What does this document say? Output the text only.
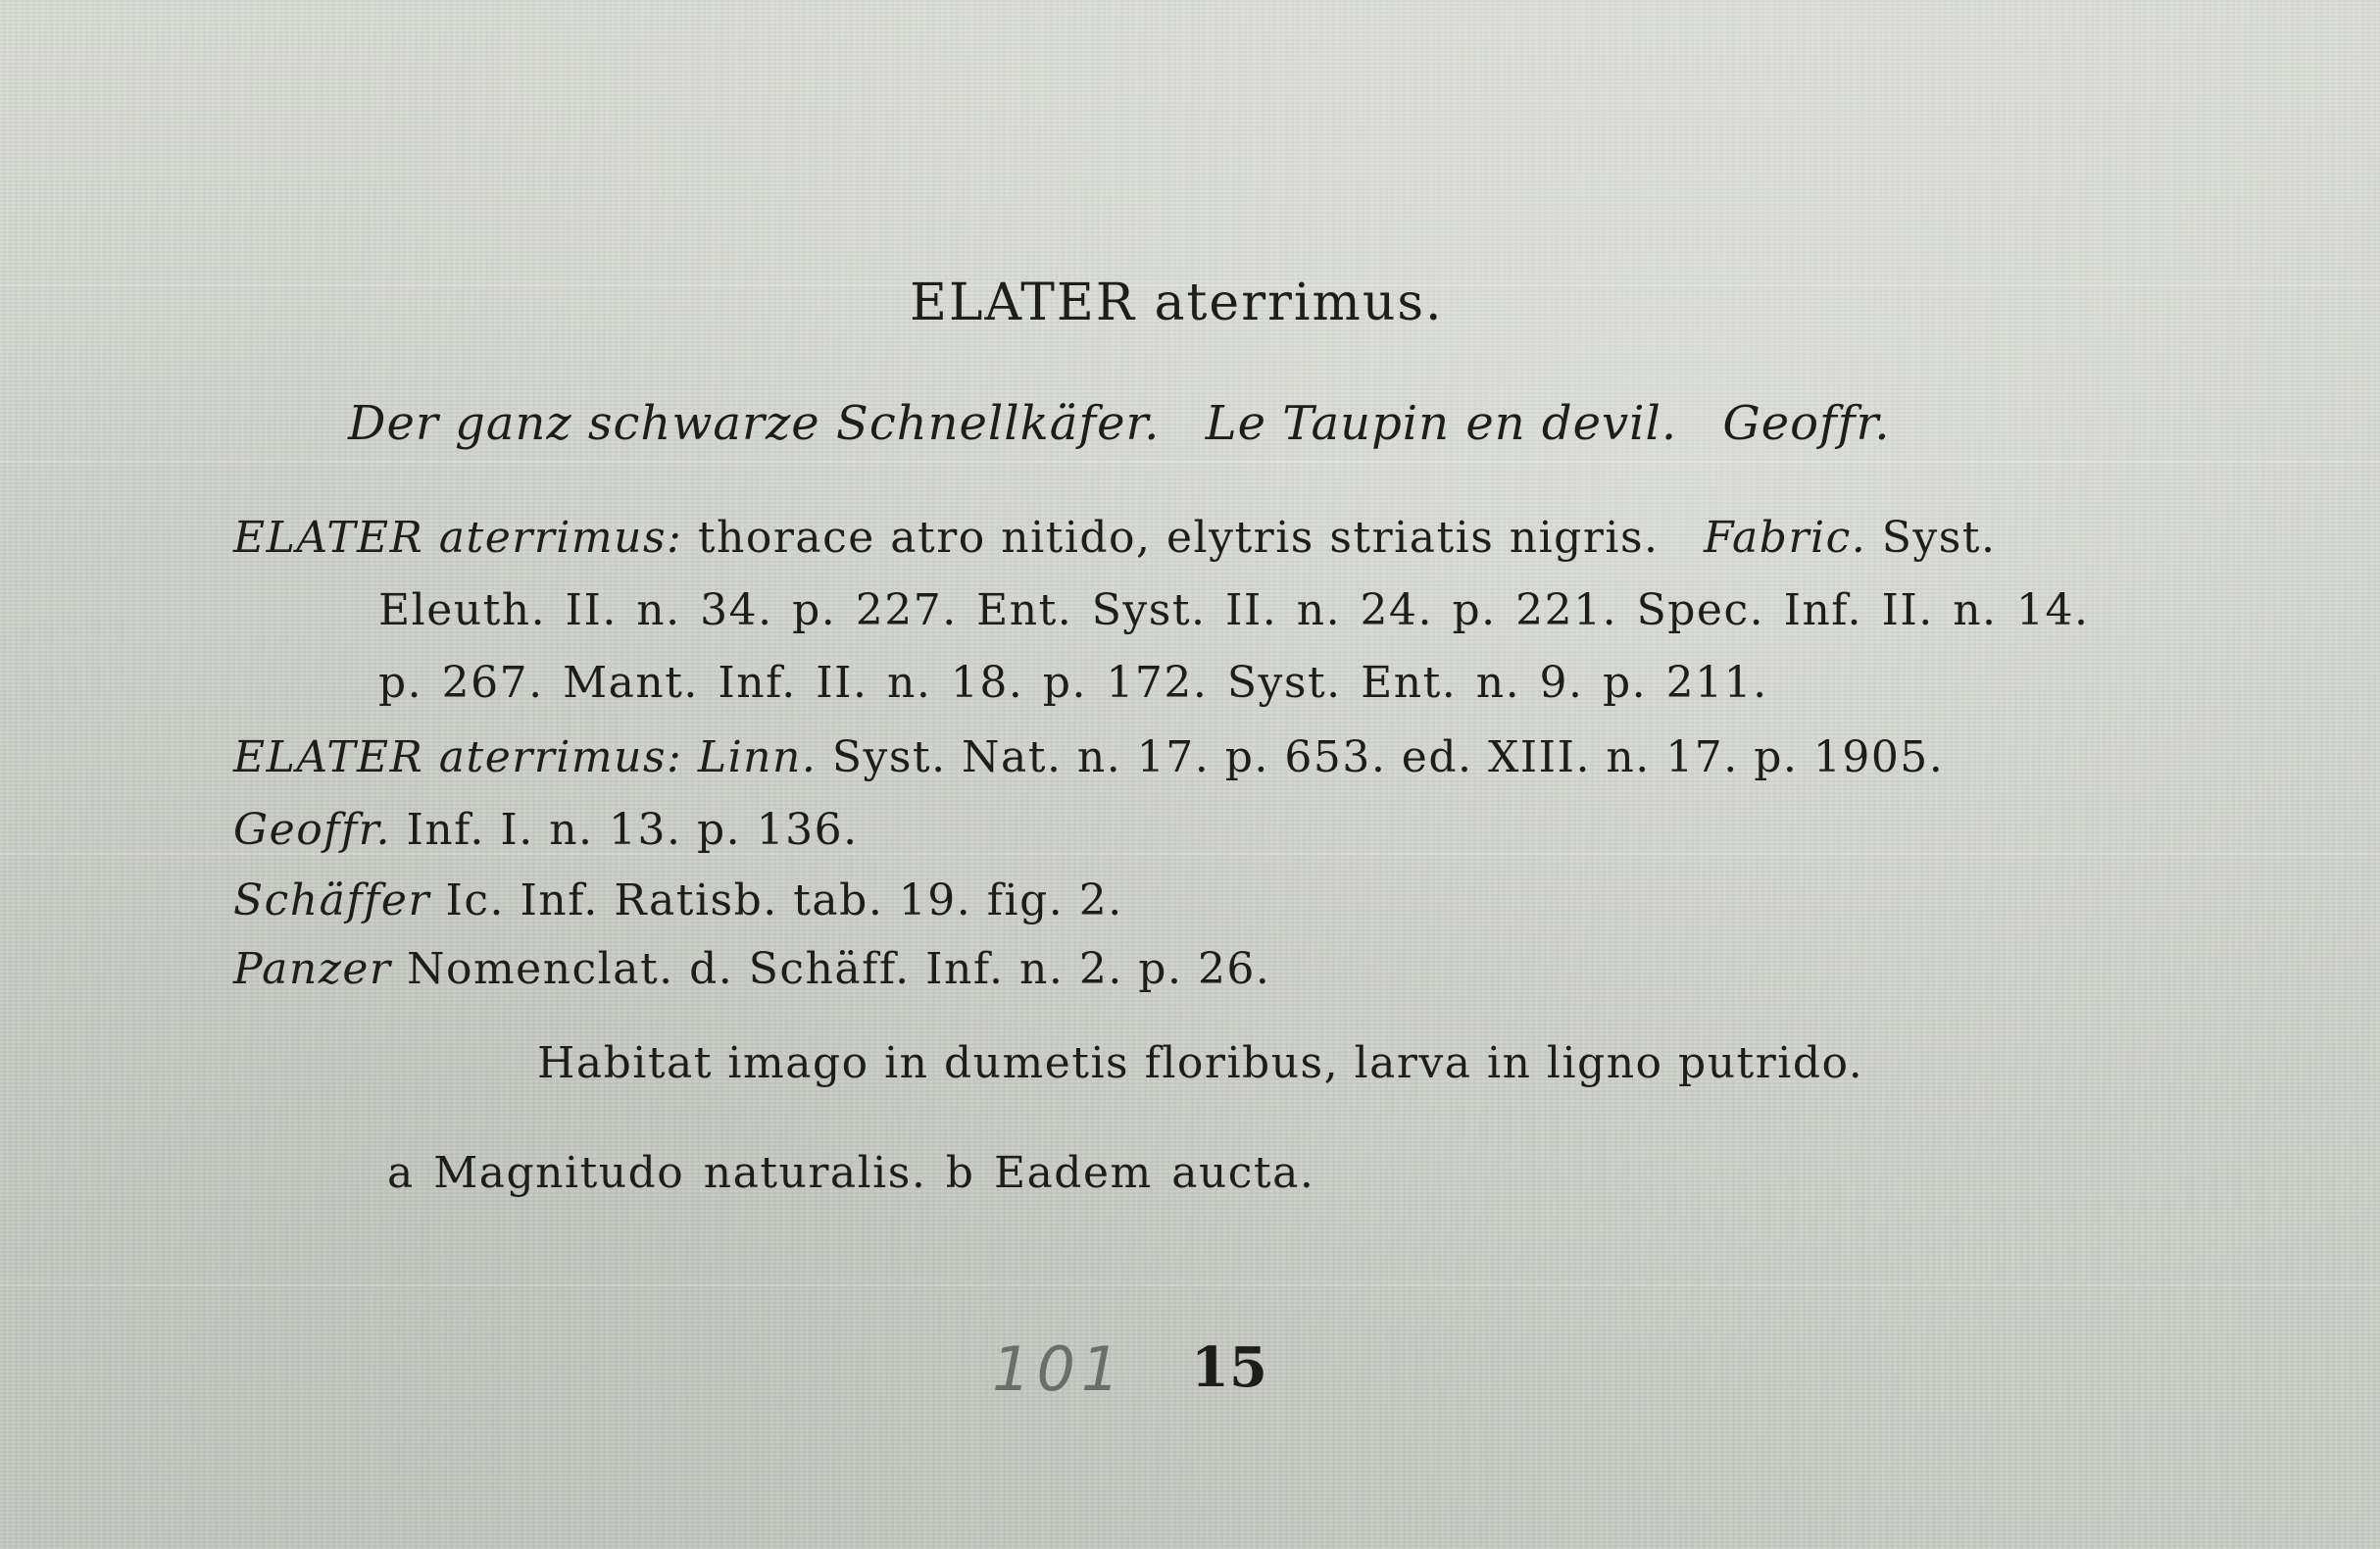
ELATER aterrimus.
Der ganz schwarze Schnellkäfer. Le Taupin en devil. Geoffr.
ELATER aterrimus: thorace atro nitido, elytris striatis nigris. Fabric. Syst.
Eleuth. II. n. 34. p. 227. Ent. Syst. II. n. 24. p. 221. Spec. Inf. II. n. 14.
p. 267. Mant. Inf. II. n. 18. p. 172. Syst. Ent. n. 9. p. 211.
ELATER aterrimus: Linn. Syst. Nat. n. 17. p. 653. ed. XIII. n. 17. p. 1905.
Geoffr. Inf. I. n. 13. p. 136.
Schäffer Ic. Inf. Ratisb. tab. 19. fig. 2.
Panzer Nomenclat. d. Schäff. Inf. n. 2. p. 26.
Habitat imago in dumetis floribus, larva in ligno putrido.
a Magnitudo naturalis. b Eadem aucta.
101 15
